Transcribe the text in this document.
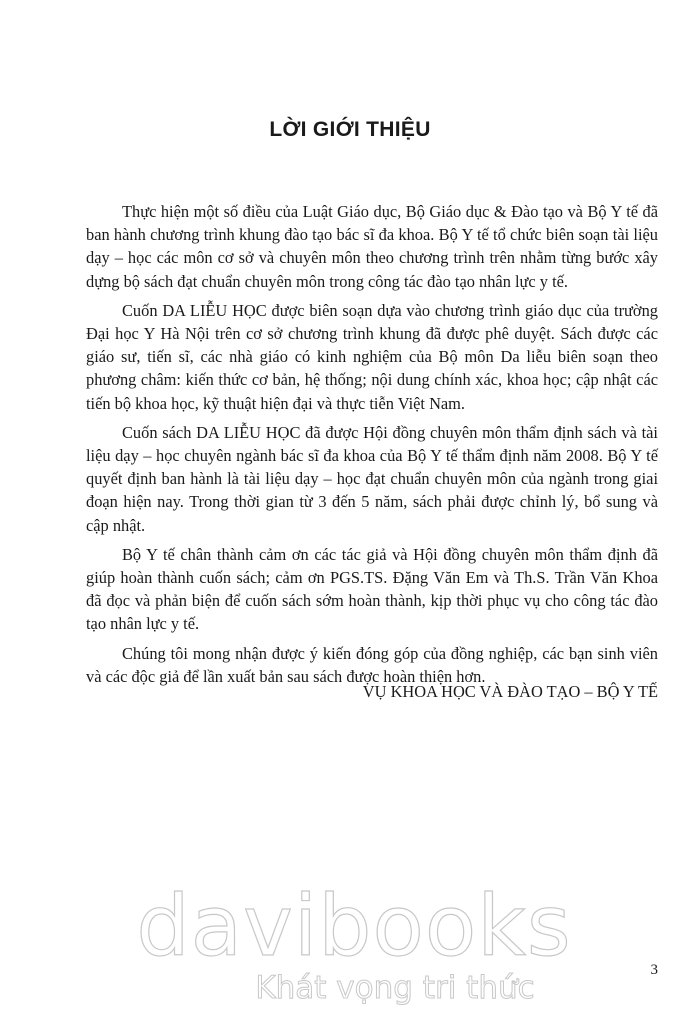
LỜI GIỚI THIỆU

Thực hiện một số điều của Luật Giáo dục, Bộ Giáo dục & Đào tạo và Bộ Y tế đã ban hành chương trình khung đào tạo bác sĩ đa khoa. Bộ Y tế tổ chức biên soạn tài liệu dạy – học các môn cơ sở và chuyên môn theo chương trình trên nhằm từng bước xây dựng bộ sách đạt chuẩn chuyên môn trong công tác đào tạo nhân lực y tế.

Cuốn DA LIỄU HỌC được biên soạn dựa vào chương trình giáo dục của trường Đại học Y Hà Nội trên cơ sở chương trình khung đã được phê duyệt. Sách được các giáo sư, tiến sĩ, các nhà giáo có kinh nghiệm của Bộ môn Da liễu biên soạn theo phương châm: kiến thức cơ bản, hệ thống; nội dung chính xác, khoa học; cập nhật các tiến bộ khoa học, kỹ thuật hiện đại và thực tiễn Việt Nam.

Cuốn sách DA LIỄU HỌC đã được Hội đồng chuyên môn thẩm định sách và tài liệu dạy – học chuyên ngành bác sĩ đa khoa của Bộ Y tế thẩm định năm 2008. Bộ Y tế quyết định ban hành là tài liệu dạy – học đạt chuẩn chuyên môn của ngành trong giai đoạn hiện nay. Trong thời gian từ 3 đến 5 năm, sách phải được chỉnh lý, bổ sung và cập nhật.

Bộ Y tế chân thành cảm ơn các tác giả và Hội đồng chuyên môn thẩm định đã giúp hoàn thành cuốn sách; cảm ơn PGS.TS. Đặng Văn Em và Th.S. Trần Văn Khoa đã đọc và phản biện để cuốn sách sớm hoàn thành, kịp thời phục vụ cho công tác đào tạo nhân lực y tế.

Chúng tôi mong nhận được ý kiến đóng góp của đồng nghiệp, các bạn sinh viên và các độc giả để lần xuất bản sau sách được hoàn thiện hơn.

VỤ KHOA HỌC VÀ ĐÀO TẠO – BỘ Y TẾ
davibooks
Khát vọng tri thức	3
